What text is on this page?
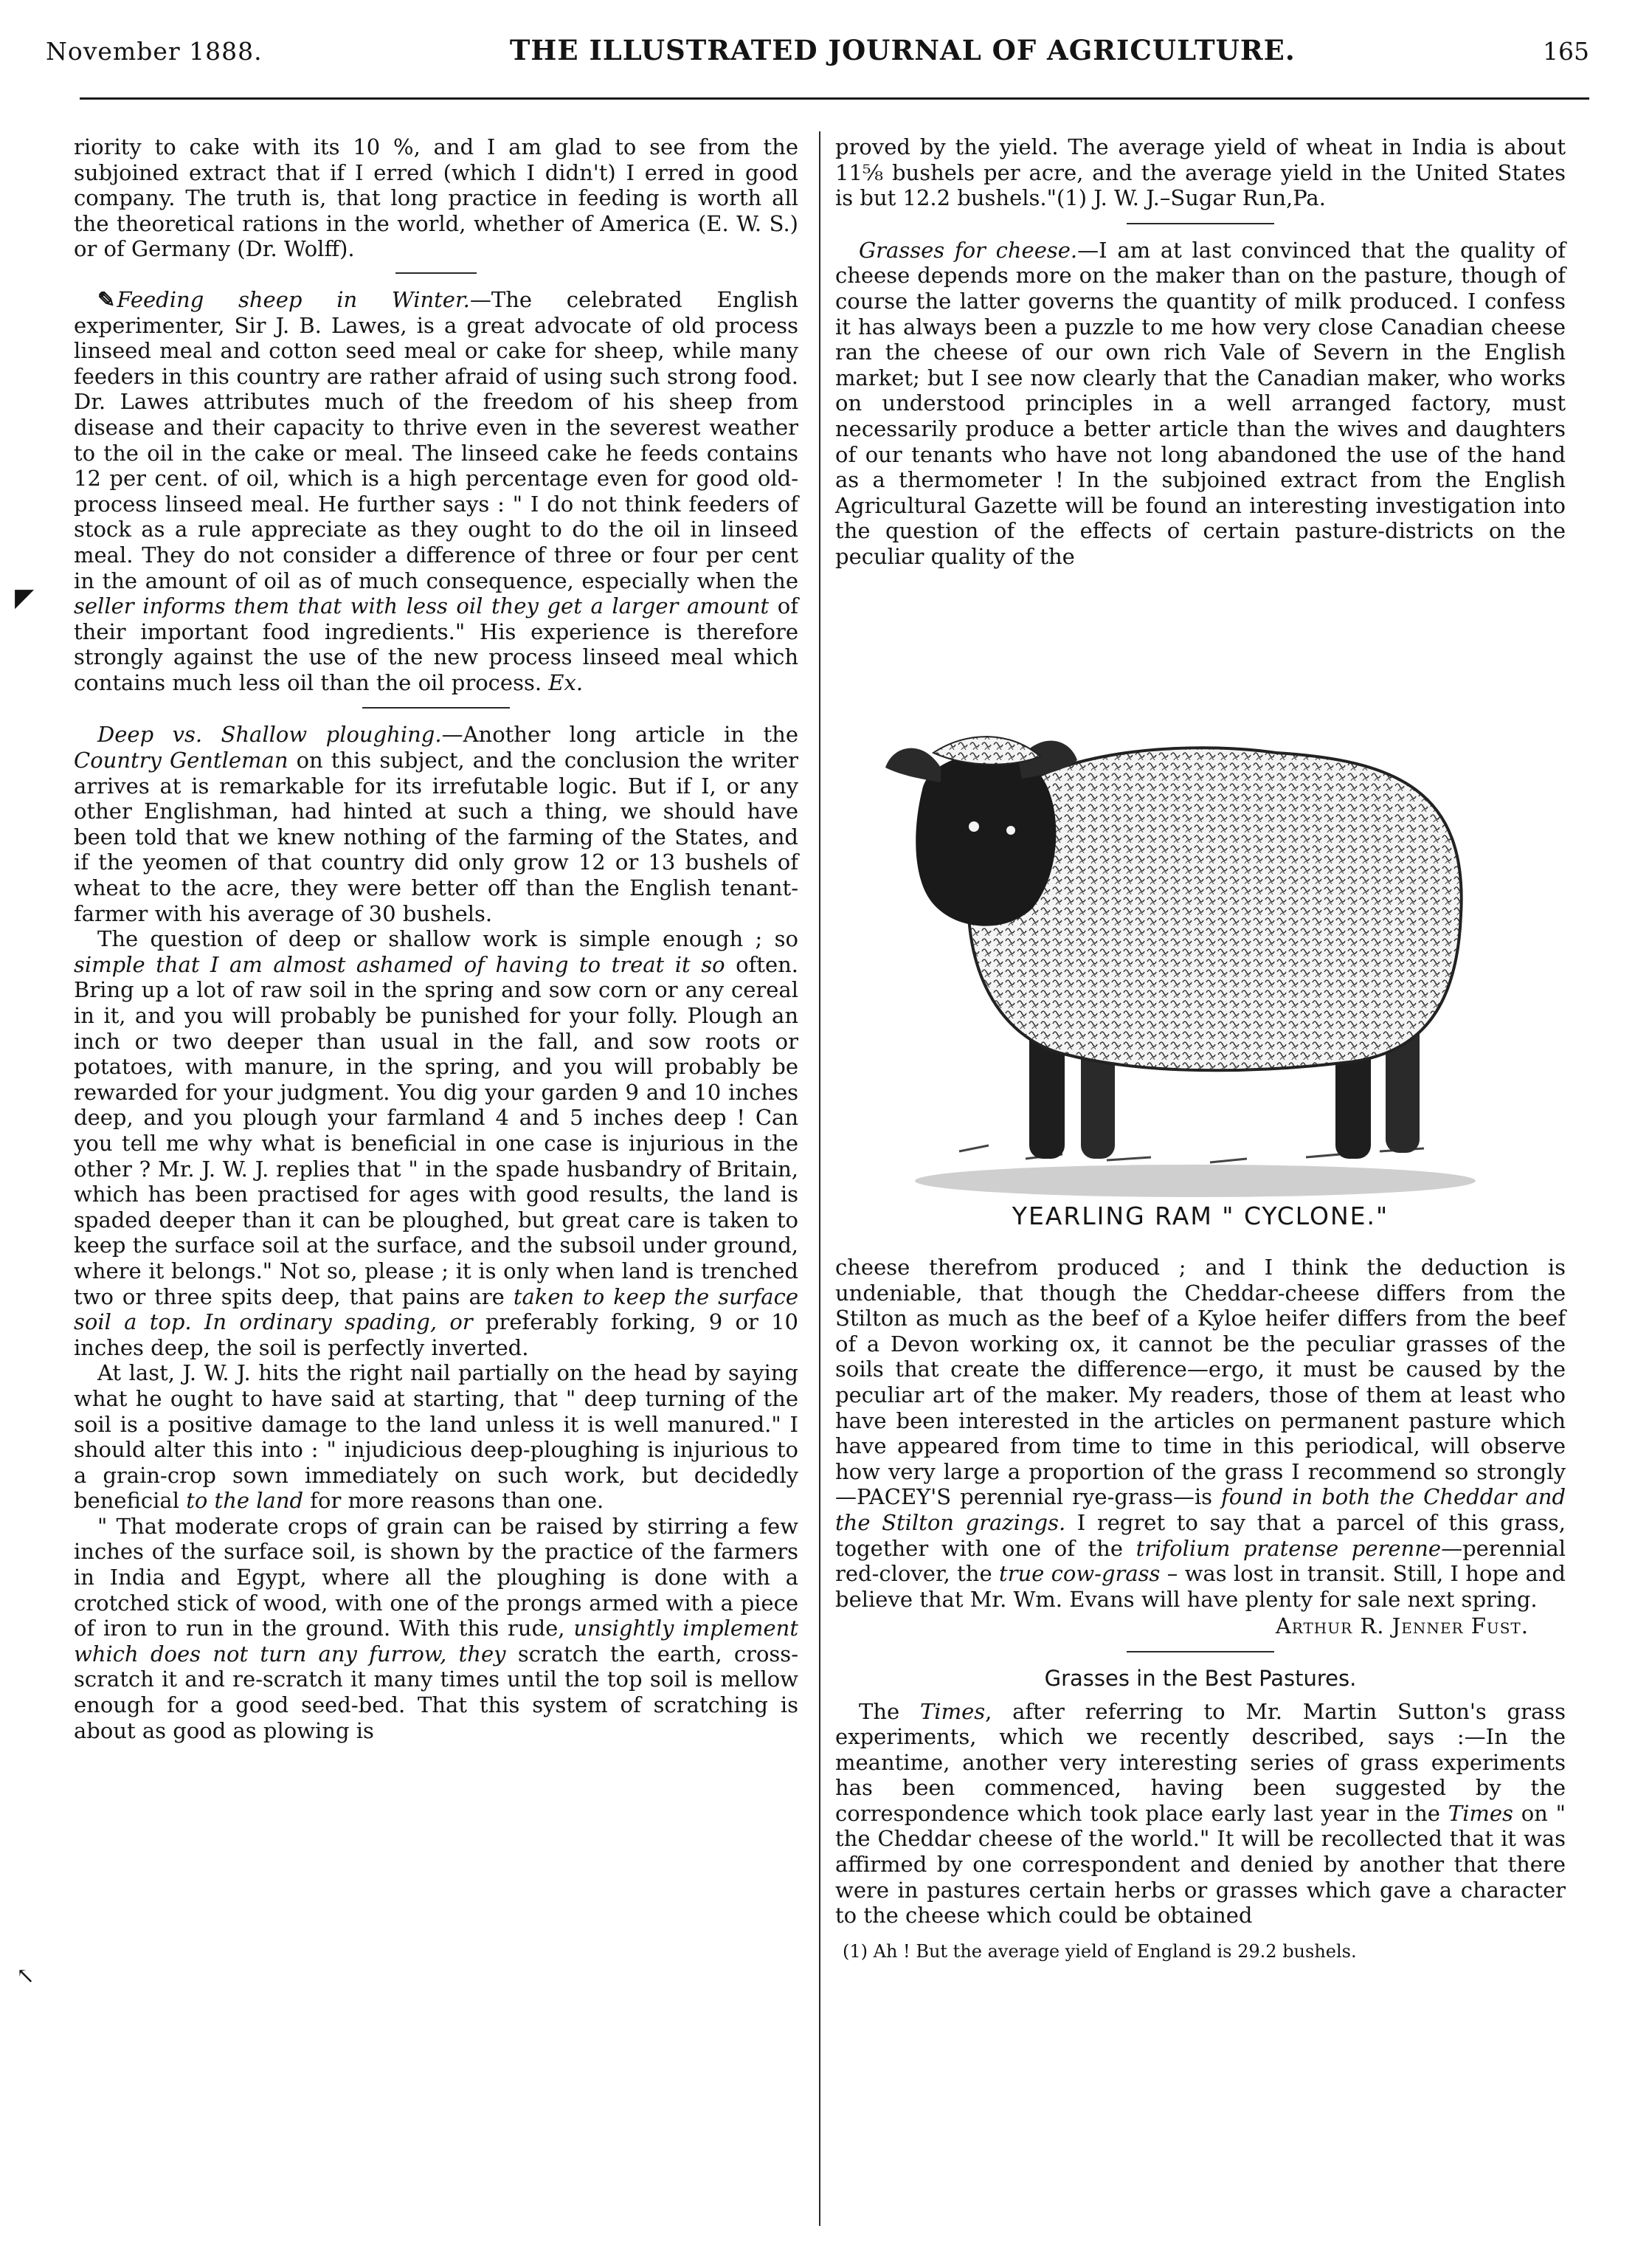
November 1888.	THE ILLUSTRATED JOURNAL OF AGRICULTURE.	165
◤
↖

riority to cake with its 10 %, and I am glad to see from the subjoined extract that if I erred (which I didn't) I erred in good company. The truth is, that long practice in feeding is worth all the theoretical rations in the world, whether of America (E. W. S.) or of Germany (Dr. Wolff).

✎Feeding sheep in Winter.—The celebrated English experimenter, Sir J. B. Lawes, is a great advocate of old process linseed meal and cotton seed meal or cake for sheep, while many feeders in this country are rather afraid of using such strong food. Dr. Lawes attributes much of the freedom of his sheep from disease and their capacity to thrive even in the severest weather to the oil in the cake or meal. The linseed cake he feeds contains 12 per cent. of oil, which is a high percentage even for good old-process linseed meal. He further says : " I do not think feeders of stock as a rule appreciate as they ought to do the oil in linseed meal. They do not consider a difference of three or four per cent in the amount of oil as of much consequence, especially when the seller informs them that with less oil they get a larger amount of their important food ingredients." His experience is therefore strongly against the use of the new process linseed meal which contains much less oil than the oil process. Ex.

Deep vs. Shallow ploughing.—Another long article in the Country Gentleman on this subject, and the conclusion the writer arrives at is remarkable for its irrefutable logic. But if I, or any other Englishman, had hinted at such a thing, we should have been told that we knew nothing of the farming of the States, and if the yeomen of that country did only grow 12 or 13 bushels of wheat to the acre, they were better off than the English tenant-farmer with his average of 30 bushels.

The question of deep or shallow work is simple enough ; so simple that I am almost ashamed of having to treat it so often. Bring up a lot of raw soil in the spring and sow corn or any cereal in it, and you will probably be punished for your folly. Plough an inch or two deeper than usual in the fall, and sow roots or potatoes, with manure, in the spring, and you will probably be rewarded for your judgment. You dig your garden 9 and 10 inches deep, and you plough your farmland 4 and 5 inches deep ! Can you tell me why what is beneficial in one case is injurious in the other ? Mr. J. W. J. replies that " in the spade husbandry of Britain, which has been practised for ages with good results, the land is spaded deeper than it can be ploughed, but great care is taken to keep the surface soil at the surface, and the subsoil under ground, where it belongs." Not so, please ; it is only when land is trenched two or three spits deep, that pains are taken to keep the surface soil a top. In ordinary spading, or preferably forking, 9 or 10 inches deep, the soil is perfectly inverted.

At last, J. W. J. hits the right nail partially on the head by saying what he ought to have said at starting, that " deep turning of the soil is a positive damage to the land unless it is well manured." I should alter this into : " injudicious deep-ploughing is injurious to a grain-crop sown immediately on such work, but decidedly beneficial to the land for more reasons than one.

" That moderate crops of grain can be raised by stirring a few inches of the surface soil, is shown by the practice of the farmers in India and Egypt, where all the ploughing is done with a crotched stick of wood, with one of the prongs armed with a piece of iron to run in the ground. With this rude, unsightly implement which does not turn any furrow, they scratch the earth, cross-scratch it and re-scratch it many times until the top soil is mellow enough for a good seed-bed. That this system of scratching is about as good as plowing is

proved by the yield. The average yield of wheat in India is about 11⅝ bushels per acre, and the average yield in the United States is but 12.2 bushels."(1) J. W. J.–Sugar Run,Pa.

Grasses for cheese.—I am at last convinced that the quality of cheese depends more on the maker than on the pasture, though of course the latter governs the quantity of milk produced. I confess it has always been a puzzle to me how very close Canadian cheese ran the cheese of our own rich Vale of Severn in the English market; but I see now clearly that the Canadian maker, who works on understood principles in a well arranged factory, must necessarily produce a better article than the wives and daughters of our tenants who have not long abandoned the use of the hand as a thermometer ! In the subjoined extract from the English Agricultural Gazette will be found an interesting investigation into the question of the effects of certain pasture-districts on the peculiar quality of the

YEARLING RAM " CYCLONE."

cheese therefrom produced ; and I think the deduction is undeniable, that though the Cheddar-cheese differs from the Stilton as much as the beef of a Kyloe heifer differs from the beef of a Devon working ox, it cannot be the peculiar grasses of the soils that create the difference—ergo, it must be caused by the peculiar art of the maker. My readers, those of them at least who have been interested in the articles on permanent pasture which have appeared from time to time in this periodical, will observe how very large a proportion of the grass I recommend so strongly—PACEY'S perennial rye-grass—is found in both the Cheddar and the Stilton grazings. I regret to say that a parcel of this grass, together with one of the trifolium pratense perenne—perennial red-clover, the true cow-grass – was lost in transit. Still, I hope and believe that Mr. Wm. Evans will have plenty for sale next spring.

Arthur R. Jenner Fust.
Grasses in the Best Pastures.

The Times, after referring to Mr. Martin Sutton's grass experiments, which we recently described, says :—In the meantime, another very interesting series of grass experiments has been commenced, having been suggested by the correspondence which took place early last year in the Times on " the Cheddar cheese of the world." It will be recollected that it was affirmed by one correspondent and denied by another that there were in pastures certain herbs or grasses which gave a character to the cheese which could be obtained

(1) Ah ! But the average yield of England is 29.2 bushels.
